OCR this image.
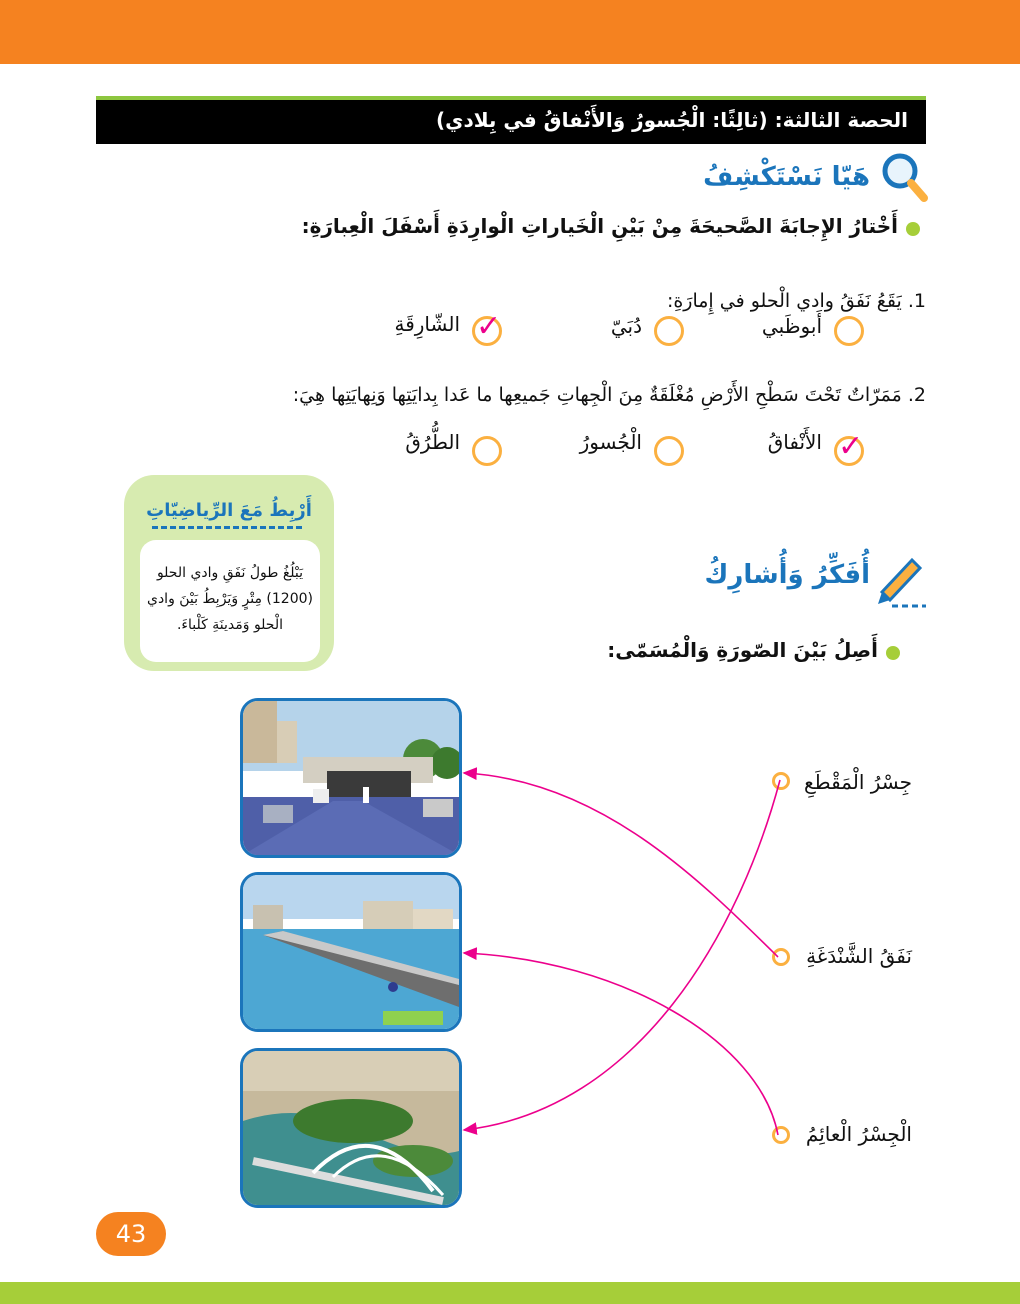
الحصة الثالثة: (ثالِثًا: الْجُسورُ وَالأَنْفاقُ في بِلادي)
هَيّا نَسْتَكْشِفُ
أَخْتارُ الإِجابَةَ الصَّحيحَةَ مِنْ بَيْنِ الْخَياراتِ الْوارِدَةِ أَسْفَلَ الْعِبارَةِ:
1. يَقَعُ نَفَقُ وادي الْحلو في إِمارَةِ:
أَبوظَبي
دُبَيّ
✓
الشّارِقَةِ
2. مَمَرّاتٌ تَحْتَ سَطْحِ الأَرْضِ مُغْلَقَةٌ مِنَ الْجِهاتِ جَميعِها ما عَدا بِدايَتِها وَنِهايَتِها هِيَ:
✓
الأَنْفاقُ
الْجُسورُ
الطُّرُقُ
أَرْبِطُ مَعَ الرِّياضِيّاتِ
يَبْلُغُ طولُ نَفَقِ وادي الحلو
(1200) مِتْرٍ وَيَرْبِطُ بَيْنَ وادي
الْحلو وَمَدينَةِ كَلْباءَ.
أُفَكِّرُ وَأُشارِكُ
أَصِلُ بَيْنَ الصّورَةِ وَالْمُسَمّى:
جِسْرُ الْمَقْطَعِ
نَفَقُ الشَّنْدَغَةِ
الْجِسْرُ الْعائِمُ
43
